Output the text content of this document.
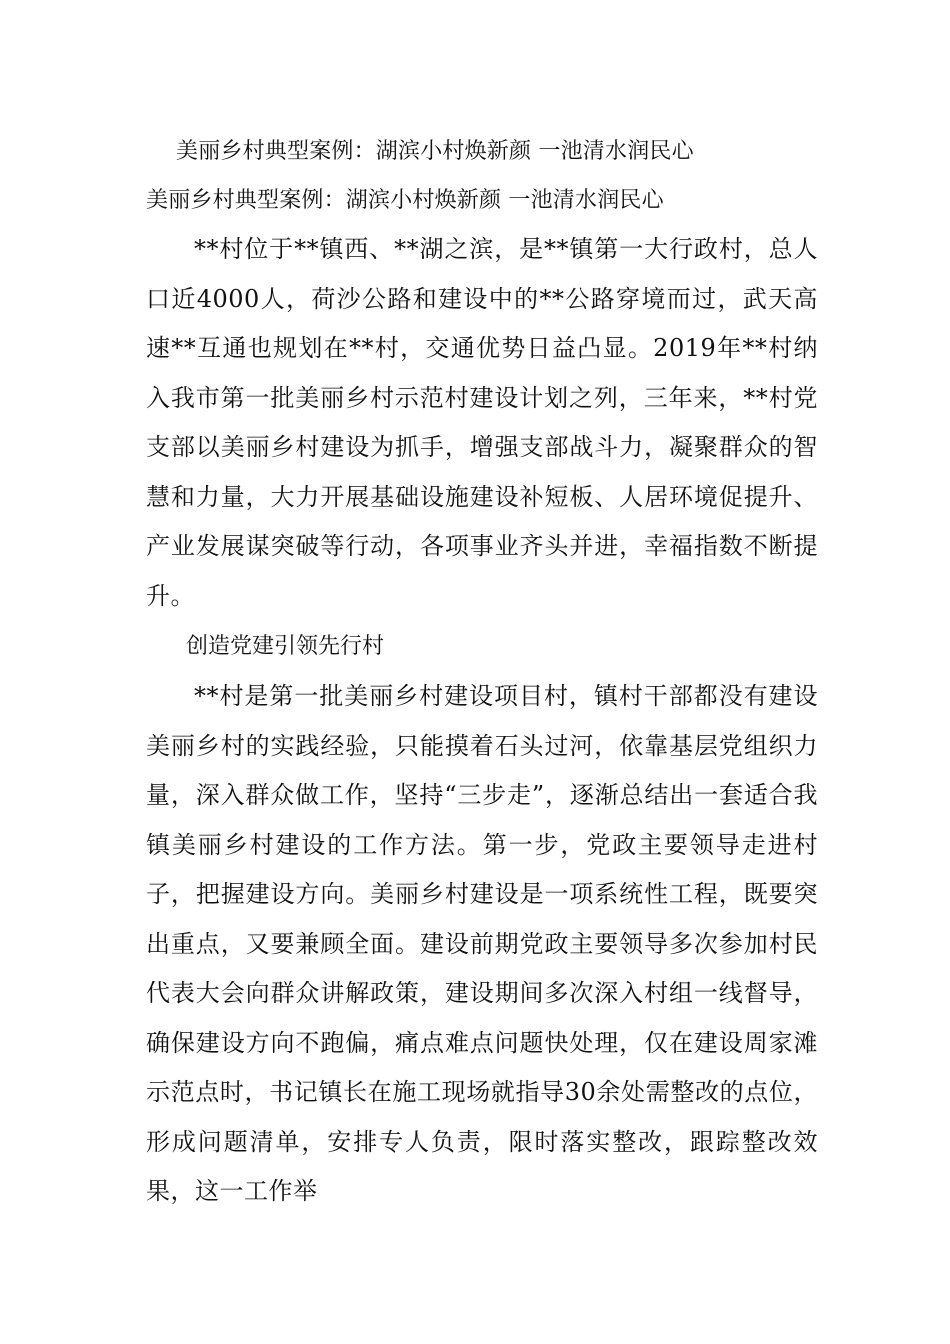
美丽乡村典型案例：湖滨小村焕新颜 一池清水润民心
美丽乡村典型案例：湖滨小村焕新颜 一池清水润民心

**村位于**镇西、**湖之滨，是**镇第一大行政村，总人口近4000人，荷沙公路和建设中的**公路穿境而过，武天高速**互通也规划在**村，交通优势日益凸显。2019年**村纳入我市第一批美丽乡村示范村建设计划之列，三年来，**村党支部以美丽乡村建设为抓手，增强支部战斗力，凝聚群众的智慧和力量，大力开展基础设施建设补短板、人居环境促提升、产业发展谋突破等行动，各项事业齐头并进，幸福指数不断提升。

创造党建引领先行村

**村是第一批美丽乡村建设项目村，镇村干部都没有建设美丽乡村的实践经验，只能摸着石头过河，依靠基层党组织力量，深入群众做工作，坚持“三步走”，逐渐总结出一套适合我镇美丽乡村建设的工作方法。第一步，党政主要领导走进村子，把握建设方向。美丽乡村建设是一项系统性工程，既要突出重点，又要兼顾全面。建设前期党政主要领导多次参加村民代表大会向群众讲解政策，建设期间多次深入村组一线督导，确保建设方向不跑偏，痛点难点问题快处理，仅在建设周家滩示范点时，书记镇长在施工现场就指导30余处需整改的点位，形成问题清单，安排专人负责，限时落实整改，跟踪整改效果，这一工作举
